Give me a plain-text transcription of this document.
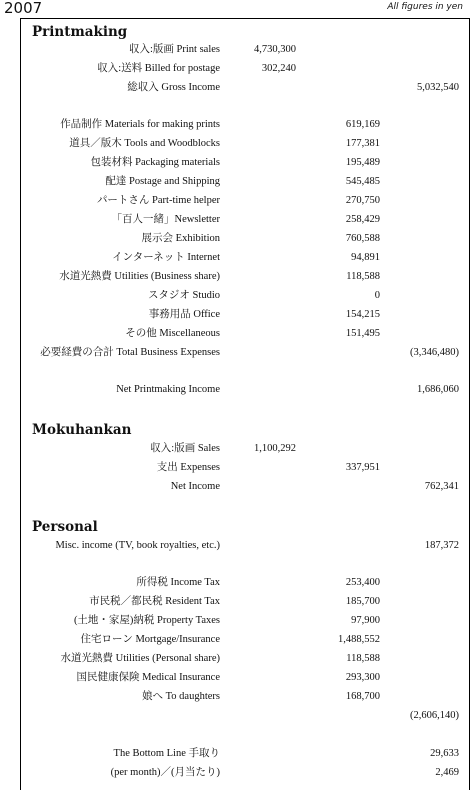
2007	All figures in yen
Printmaking
収入:版画 Print sales	4,730,300
収入:送料 Billed for postage	302,240
総収入 Gross Income	5,032,540
作品制作 Materials for making prints	619,169
道具／版木 Tools and Woodblocks	177,381
包装材料 Packaging materials	195,489
配達 Postage and Shipping	545,485
パートさん Part-time helper	270,750
「百人一緒」Newsletter	258,429
展示会 Exhibition	760,588
インターネット Internet	94,891
水道光熱費 Utilities (Business share)	118,588
スタジオ Studio	0
事務用品 Office	154,215
その他 Miscellaneous	151,495
必要経費の合計 Total Business Expenses	(3,346,480)
Net Printmaking Income	1,686,060
Mokuhankan
収入:版画 Sales	1,100,292
支出 Expenses	337,951
Net Income	762,341
Personal
Misc. income (TV, book royalties, etc.)	187,372
所得税 Income Tax	253,400
市民税／都民税 Resident Tax	185,700
(土地・家屋)納税 Property Taxes	97,900
住宅ローン Mortgage/Insurance	1,488,552
水道光熱費 Utilities (Personal share)	118,588
国民健康保険 Medical Insurance	293,300
娘へ To daughters	168,700
(2,606,140)
The Bottom Line 手取り	29,633
(per month)／(月当たり)	2,469
